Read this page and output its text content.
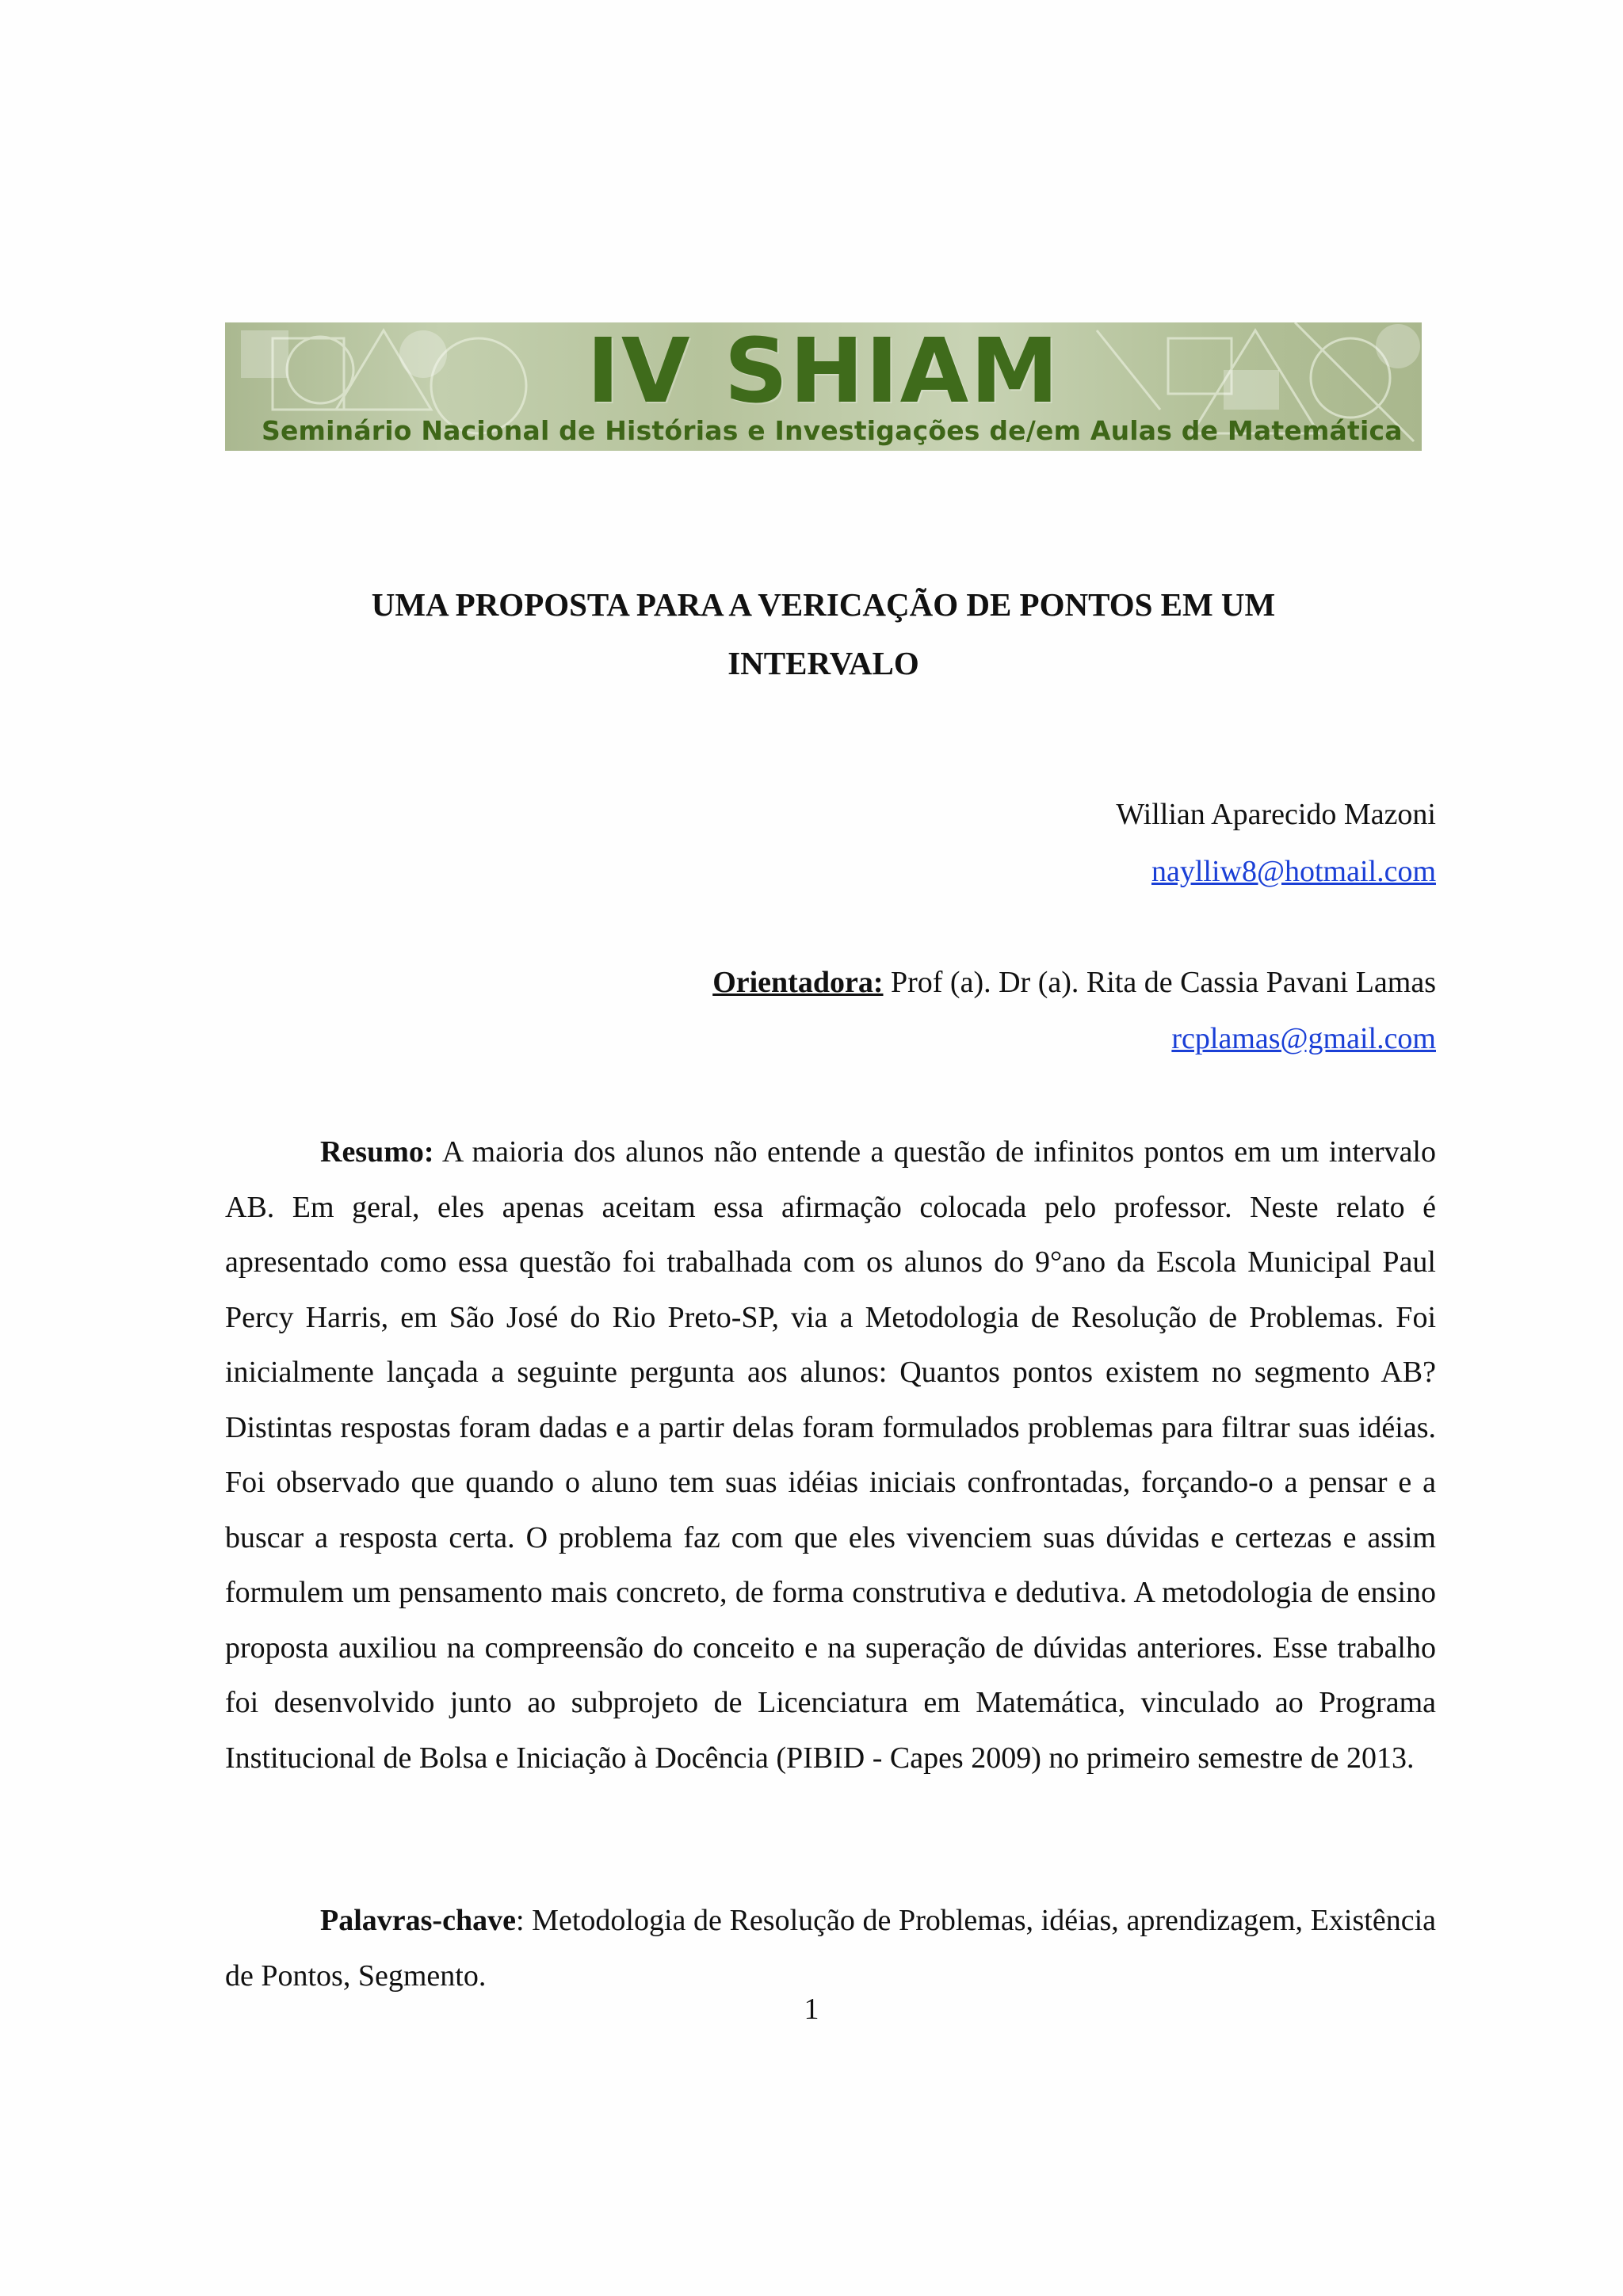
IV SHIAM
Seminário Nacional de Histórias e Investigações de/em Aulas de Matemática
UMA PROPOSTA PARA A VERICAÇÃO DE PONTOS EM UM
INTERVALO
Willian Aparecido Mazoni
naylliw8@hotmail.com
Orientadora: Prof (a). Dr (a). Rita de Cassia Pavani Lamas
rcplamas@gmail.com
Resumo: A maioria dos alunos não entende a questão de infinitos pontos em um intervalo AB. Em geral, eles apenas aceitam essa afirmação colocada pelo professor. Neste relato é apresentado como essa questão foi trabalhada com os alunos do 9°ano da Escola Municipal Paul Percy Harris, em São José do Rio Preto-SP, via a Metodologia de Resolução de Problemas. Foi inicialmente lançada a seguinte pergunta aos alunos: Quantos pontos existem no segmento AB? Distintas respostas foram dadas e a partir delas foram formulados problemas para filtrar suas idéias. Foi observado que quando o aluno tem suas idéias iniciais confrontadas, forçando-o a pensar e a buscar a resposta certa. O problema faz com que eles vivenciem suas dúvidas e certezas e assim formulem um pensamento mais concreto, de forma construtiva e dedutiva. A metodologia de ensino proposta auxiliou na compreensão do conceito e na superação de dúvidas anteriores. Esse trabalho foi desenvolvido junto ao subprojeto de Licenciatura em Matemática, vinculado ao Programa Institucional de Bolsa e Iniciação à Docência (PIBID - Capes 2009) no primeiro semestre de 2013.
Palavras-chave: Metodologia de Resolução de Problemas, idéias, aprendizagem, Existência de Pontos, Segmento.
1
